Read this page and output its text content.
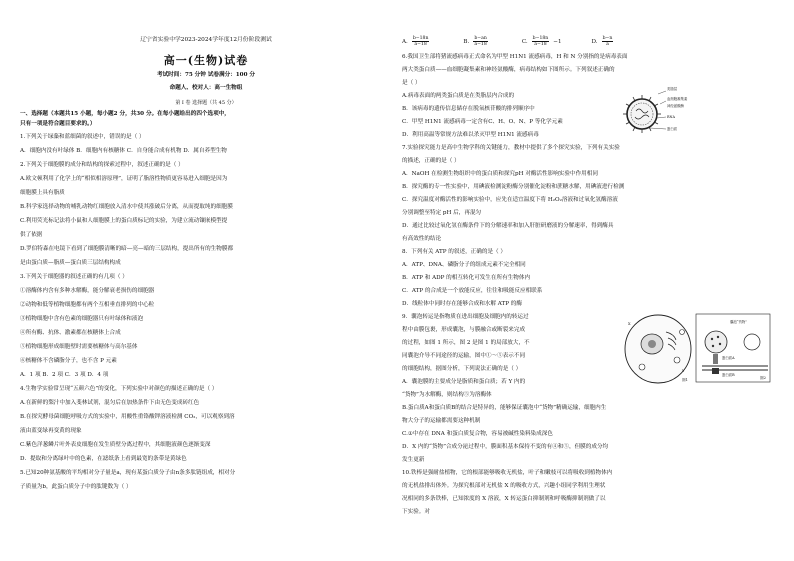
辽宁省实验中学2023-2024学年度12月份阶段测试
高一(生物)试卷
考试时间：75 分钟 试卷满分：100 分
命题人、校对人：高一生物组
第 Ⅰ 卷 选择题（共 45 分）
一、选择题（本题共15 小题，每小题2 分，共30 分。在每小题给出的四个选项中，
只有一项是符合题目要求的。）
1.下列关于绿藻和蓝细菌的叙述中，错误的是（ ）
A．细胞内没有叶绿体 B．细胞内有核糖体 C．自身能合成有机物 D．属自养型生物
2.下列关于细胞膜的成分和结构的探索过程中，叙述正确的是（ ）
A.欧文顿利用了化学上的“相似相溶原理”，证明了脂溶性物质更容易进入细胞是因为
细胞膜上具有脂质
B.科学家选择动物的哺乳动物红细胞放入清水中使其涨破后分离，从而提取纯的细胞膜
C.利用荧光标记法将小鼠和人细胞膜上的蛋白质标记的实验，为建立流动镶嵌模型提
供了依据
D.罗伯特森在电镜下看到了细胞膜清晰的暗—亮—暗的三层结构，提出所有的生物膜都
是由蛋白质—脂质—蛋白质三层结构构成
3.下列关于细胞器的叙述正确的有几项（ ）
①溶酶体内含有多种水解酶，能分解衰老损伤的细胞器
②动物和低等植物细胞都有两个互相垂直排列的中心粒
③植物细胞中含有色素的细胞器只有叶绿体和液泡
④所有酶、抗体、激素都在核糖体上合成
⑤植物细胞形成细胞壁时需要核糖体与高尔基体
⑥核糖体不含磷脂分子，也不含 P 元素
A．1 项 B．2 项 C．3 项 D．4 项
4.生物学实验常呈现“五颜六色”的变化，下列实验中对颜色的描述正确的是（ ）
A.在新鲜的梨汁中加入斐林试剂，混匀后在加热条件下由无色变成砖红色
B.在探究酵母菌细胞呼吸方式的实验中，用酸性重铬酸钾溶液检测 CO₂，可以观察到溶
液由蓝变绿再变黄的现象
C.紫色洋葱鳞片叶外表皮细胞在发生质壁分离过程中，其细胞液颜色逐渐变深
D．提取和分离绿叶中的色素，在滤纸条上看到最宽的条带是黄绿色
5.已知20种氨基酸的平均相对分子量是a，现有某蛋白质分子由n条多肽链组成，相对分
子质量为b，此蛋白质分子中的肽键数为（ ）
A. $\frac{b-18n}{a-18}$	B. $\frac{b-an}{a-18}$	C. $\frac{b-18n}{a-18} -1$	D. $\frac{b-n}{a}$
6.我国卫生部将猪流感病毒正式命名为甲型 H1N1 流感病毒，H 和 N 分别指的是病毒表面
两大类蛋白质——血细胞凝集素和神经氨酸酶，病毒结构如下图所示。下列叙述正确的
是（ ）
A.病毒表面的两类蛋白质是在类脂层内合成的
B．该病毒的遗传信息储存在脱氧核苷酸的排列顺序中
C．甲型 H1N1 流感病毒一定含有C、H、O、N、P 等化学元素
D．利用高温等常规方法难以杀灭甲型 H1N1 流感病毒
7.实验探究能力是高中生物学科的关键能力，教材中提供了多个探究实验，下列有关实验
的描述，正确的是（ ）
A．NaOH 在检测生物组织中的蛋白质和探究pH 对酶活性影响实验中作用相同
B．探究酶的专一性实验中，用碘液检测淀粉酶分别催化淀粉和蔗糖水解，用碘液进行检测
C．探究温度对酶活性的影响实验中，应先在适宜温度下将 H₂O₂溶液和过氧化氢酶溶液
分别调整至特定 pH 后，再混匀
D．通过比较过氧化氢在酶条件下的分解速率和加入肝脏研磨液的分解速率，得到酶具
有高效性的结论
8．下列有关 ATP 的叙述，正确的是（ ）
A．ATP、DNA、磷脂分子的组成元素不完全相同
B．ATP 和 ADP 的相互转化可发生在所有生物体内
C．ATP 的合成是一个放能反应，往往和吸能反应相联系
D．线粒体中同时存在能够合成和水解 ATP 的酶
9．囊泡转运是指物质在进出细胞及细胞内的转运过
程中由膜包裹，形成囊泡，与膜融合或断裂来完成
的过程，如图 1 所示，图 2 是图 1 的局部放大，不
同囊泡介导不同途径的运输，图中①～⑤表示不同
的细胞结构，据图分析，下列说法正确的是（ ）
A．囊泡膜的主要成分是脂质和蛋白质；若 Y 内的
“货物”为水解酶，则结构⑤为溶酶体
B.蛋白质A和蛋白质B的结合是特异的，能够保证囊泡中“货物”精确运输，细胞内生
物大分子的运输都需要这种机制
C.①中存在 DNA 和蛋白质复合物，容易被碱性染料染成深色
D．X 内的“货物”合成分泌过程中，膜面积基本保持不变的有④和⑤，但膜的成分均
发生更新
10.铁棒是强耐盐植物，它的根部能够吸收无机盐，叶子和嫩枝可以将吸收到植物体内
的无机盐排出体外。为探究根部对无机盐 X 的吸收方式，兴趣小组同学利用生理状
况相同的多条铁棒，已知浓度的 X 溶液，X 转运蛋白抑制剂和呼吸酶抑制剂做了以
下实验。对
类脂层
血细胞凝集素
神经氨酸酶
RNA
蛋白质
X
Y
图1
囊泡“货物”
蛋白质A
蛋白质B
图2
